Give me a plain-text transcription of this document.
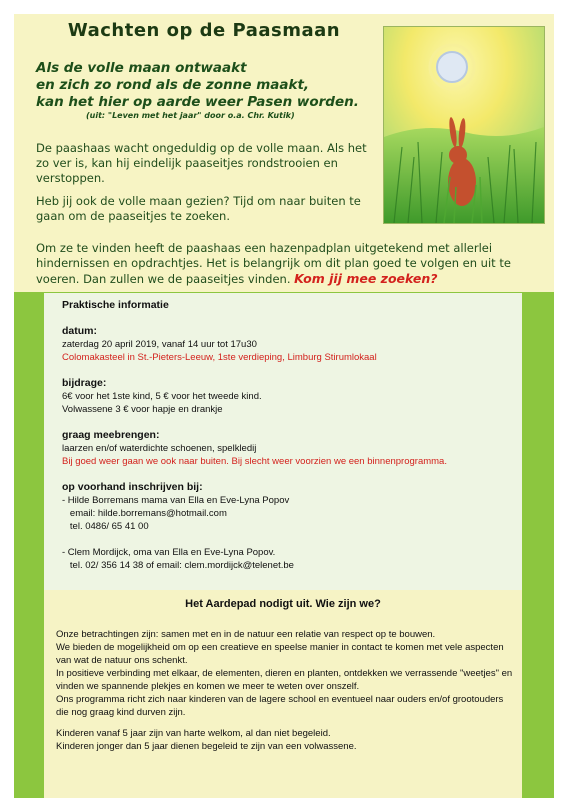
Wachten op de Paasmaan
Als de volle maan ontwaakt
en zich zo rond als de zonne maakt,
kan het hier op aarde weer Pasen worden.
(uit: "Leven met het jaar" door o.a. Chr. Kutik)
De paashaas wacht ongeduldig op de volle maan. Als het zo ver is, kan hij eindelijk paaseitjes rondstrooien en verstoppen.
Heb jij ook de volle maan gezien? Tijd om naar buiten te gaan om de paaseitjes te zoeken.
Om ze te vinden heeft de paashaas een hazenpadplan uitgetekend met allerlei hindernissen en opdrachtjes. Het is belangrijk om dit plan goed te volgen en uit te voeren. Dan zullen we de paaseitjes vinden. Kom jij mee zoeken?
Praktische informatie
datum:
zaterdag 20 april 2019, vanaf 14 uur tot 17u30
Colomakasteel in St.-Pieters-Leeuw, 1ste verdieping, Limburg Stirumlokaal
bijdrage:
6€ voor het 1ste kind, 5 € voor het tweede kind.
Volwassene 3 € voor hapje en drankje
graag meebrengen:
laarzen en/of waterdichte schoenen, spelkledij
Bij goed weer gaan we ook naar buiten. Bij slecht weer voorzien we een binnenprogramma.
op voorhand inschrijven bij:
- Hilde Borremans mama van Ella en Eve-Lyna Popov
email: hilde.borremans@hotmail.com
tel. 0486/ 65 41 00
- Clem Mordijck, oma van Ella en Eve-Lyna Popov.
tel. 02/ 356 14 38 of email: clem.mordijck@telenet.be
Het Aardepad nodigt uit. Wie zijn we?
Onze betrachtingen zijn: samen met en in de natuur een relatie van respect op te bouwen.
We bieden de mogelijkheid om op een creatieve en speelse manier in contact te komen met vele aspecten van wat de natuur ons schenkt.
In positieve verbinding met elkaar, de elementen, dieren en planten, ontdekken we verrassende "weetjes" en vinden we spannende plekjes en komen we meer te weten over onszelf.
Ons programma richt zich naar kinderen van de lagere school en eventueel naar ouders en/of grootouders die nog graag kind durven zijn.
Kinderen vanaf 5 jaar zijn van harte welkom, al dan niet begeleid.
Kinderen jonger dan 5 jaar dienen begeleid te zijn van een volwassene.
